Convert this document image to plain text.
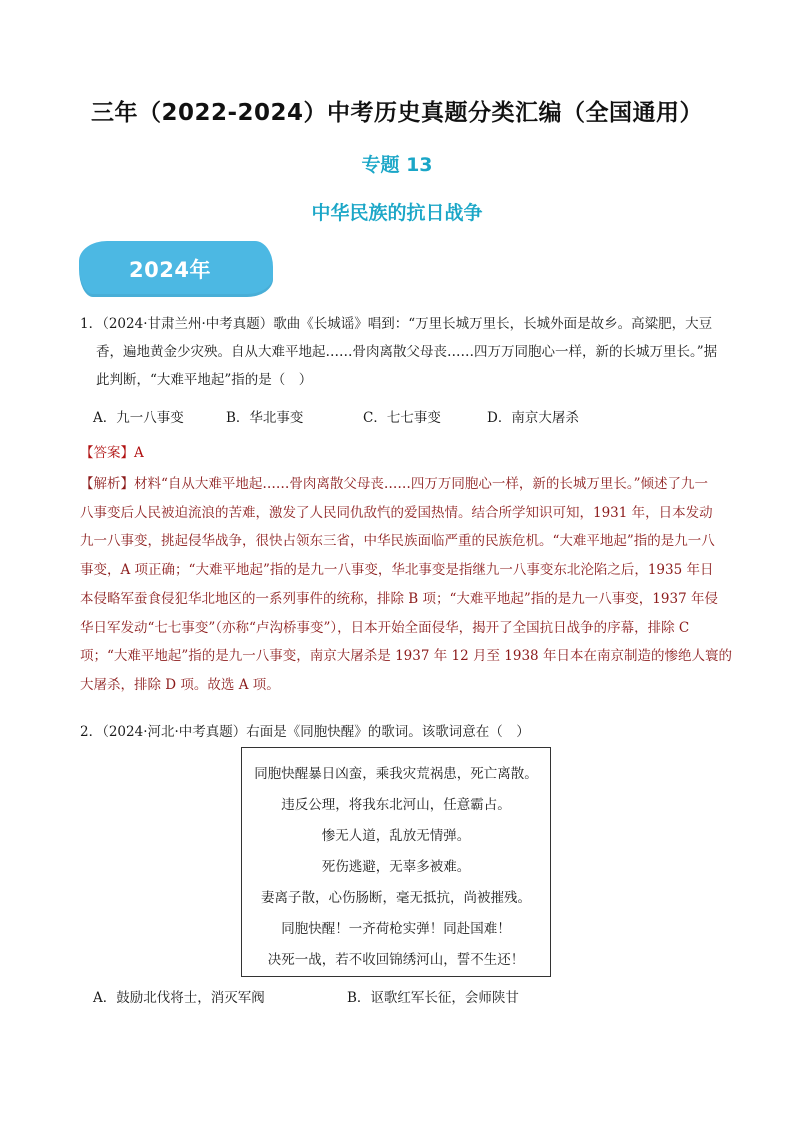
三年（2022-2024）中考历史真题分类汇编（全国通用）
专题 13
中华民族的抗日战争
2024年
1．（2024·甘肃兰州·中考真题）歌曲《长城谣》唱到：“万里长城万里长，长城外面是故乡。高粱肥，大豆
香，遍地黄金少灾殃。自从大难平地起……骨肉离散父母丧……四万万同胞心一样，新的长城万里长。”据
此判断，“大难平地起”指的是（　）
A．九一八事变	B．华北事变	C．七七事变	D．南京大屠杀
【答案】A
【解析】材料“自从大难平地起……骨肉离散父母丧……四万万同胞心一样，新的长城万里长。”倾述了九一
八事变后人民被迫流浪的苦难，激发了人民同仇敌忾的爱国热情。结合所学知识可知，1931 年，日本发动
九一八事变，挑起侵华战争，很快占领东三省，中华民族面临严重的民族危机。“大难平地起”指的是九一八
事变，A 项正确；“大难平地起”指的是九一八事变，华北事变是指继九一八事变东北沦陷之后，1935 年日
本侵略军蚕食侵犯华北地区的一系列事件的统称，排除 B 项；“大难平地起”指的是九一八事变，1937 年侵
华日军发动“七七事变”（亦称“卢沟桥事变”），日本开始全面侵华，揭开了全国抗日战争的序幕，排除 C
项；“大难平地起”指的是九一八事变，南京大屠杀是 1937 年 12 月至 1938 年日本在南京制造的惨绝人寰的
大屠杀，排除 D 项。故选 A 项。
2．（2024·河北·中考真题）右面是《同胞快醒》的歌词。该歌词意在（　）
同胞快醒暴日凶蛮，乘我灾荒祸患，死亡离散。
违反公理，将我东北河山，任意霸占。
惨无人道，乱放无情弹。
死伤逃避，无辜多被难。
妻离子散，心伤肠断，毫无抵抗，尚被摧残。
同胞快醒！一齐荷枪实弹！同赴国难！
决死一战，若不收回锦绣河山，誓不生还！
A．鼓励北伐将士，消灭军阀	B．讴歌红军长征，会师陕甘
